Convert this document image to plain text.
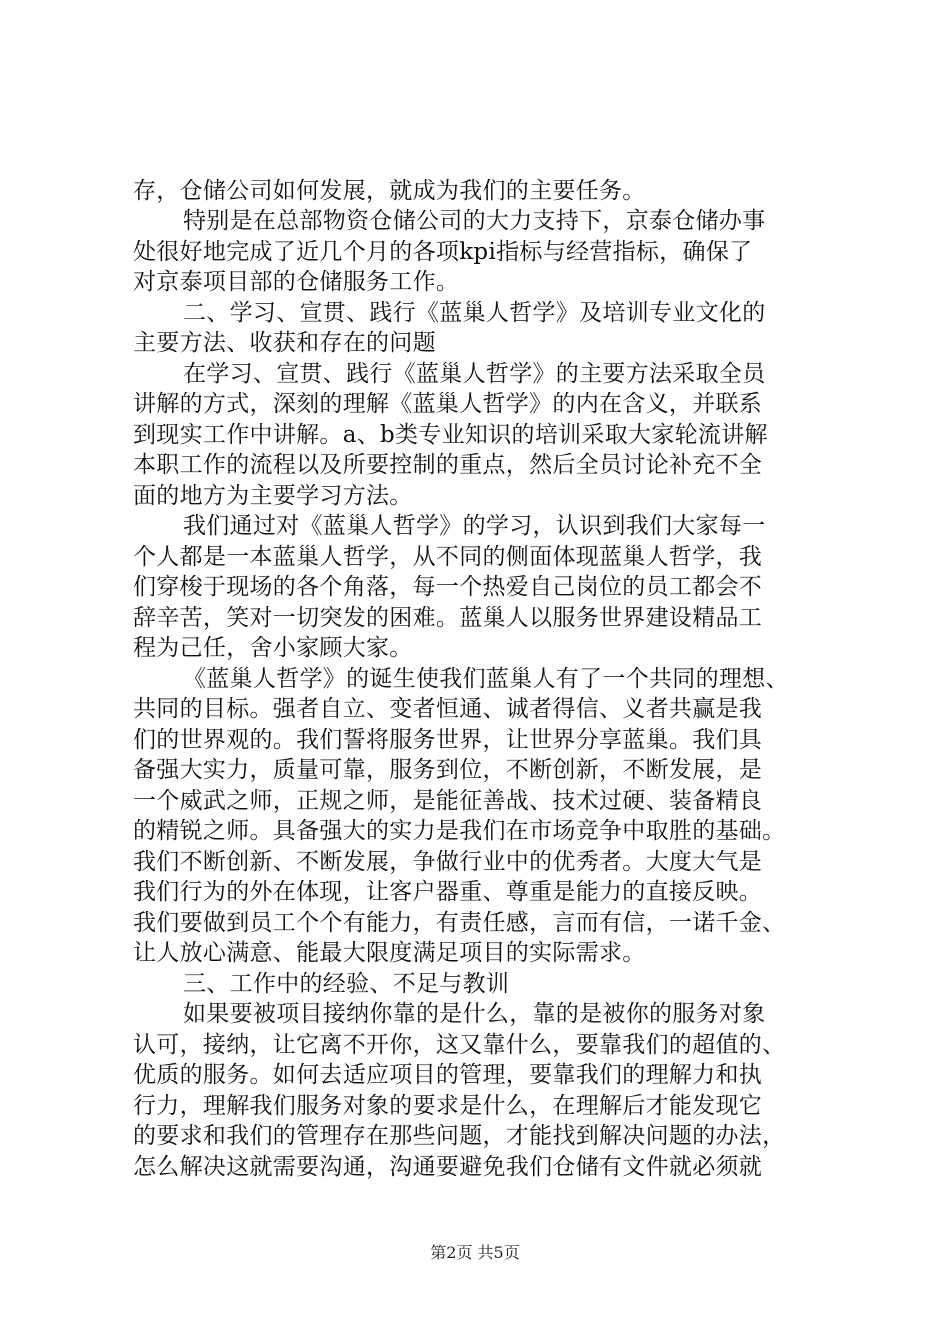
存，仓储公司如何发展，就成为我们的主要任务。
特别是在总部物资仓储公司的大力支持下，京泰仓储办事
处很好地完成了近几个月的各项kpi指标与经营指标，确保了
对京泰项目部的仓储服务工作。
二、学习、宣贯、践行《蓝巢人哲学》及培训专业文化的
主要方法、收获和存在的问题
在学习、宣贯、践行《蓝巢人哲学》的主要方法采取全员
讲解的方式，深刻的理解《蓝巢人哲学》的内在含义，并联系
到现实工作中讲解。a、b类专业知识的培训采取大家轮流讲解
本职工作的流程以及所要控制的重点，然后全员讨论补充不全
面的地方为主要学习方法。
我们通过对《蓝巢人哲学》的学习，认识到我们大家每一
个人都是一本蓝巢人哲学，从不同的侧面体现蓝巢人哲学，我
们穿梭于现场的各个角落，每一个热爱自己岗位的员工都会不
辞辛苦，笑对一切突发的困难。蓝巢人以服务世界建设精品工
程为己任，舍小家顾大家。
《蓝巢人哲学》的诞生使我们蓝巢人有了一个共同的理想、
共同的目标。强者自立、变者恒通、诚者得信、义者共赢是我
们的世界观的。我们誓将服务世界，让世界分享蓝巢。我们具
备强大实力，质量可靠，服务到位，不断创新，不断发展，是
一个威武之师，正规之师，是能征善战、技术过硬、装备精良
的精锐之师。具备强大的实力是我们在市场竞争中取胜的基础。
我们不断创新、不断发展，争做行业中的优秀者。大度大气是
我们行为的外在体现，让客户器重、尊重是能力的直接反映。
我们要做到员工个个有能力，有责任感，言而有信，一诺千金、
让人放心满意、能最大限度满足项目的实际需求。
三、工作中的经验、不足与教训
如果要被项目接纳你靠的是什么，靠的是被你的服务对象
认可，接纳，让它离不开你，这又靠什么，要靠我们的超值的、
优质的服务。如何去适应项目的管理，要靠我们的理解力和执
行力，理解我们服务对象的要求是什么，在理解后才能发现它
的要求和我们的管理存在那些问题，才能找到解决问题的办法，
怎么解决这就需要沟通，沟通要避免我们仓储有文件就必须就
第2页 共5页
